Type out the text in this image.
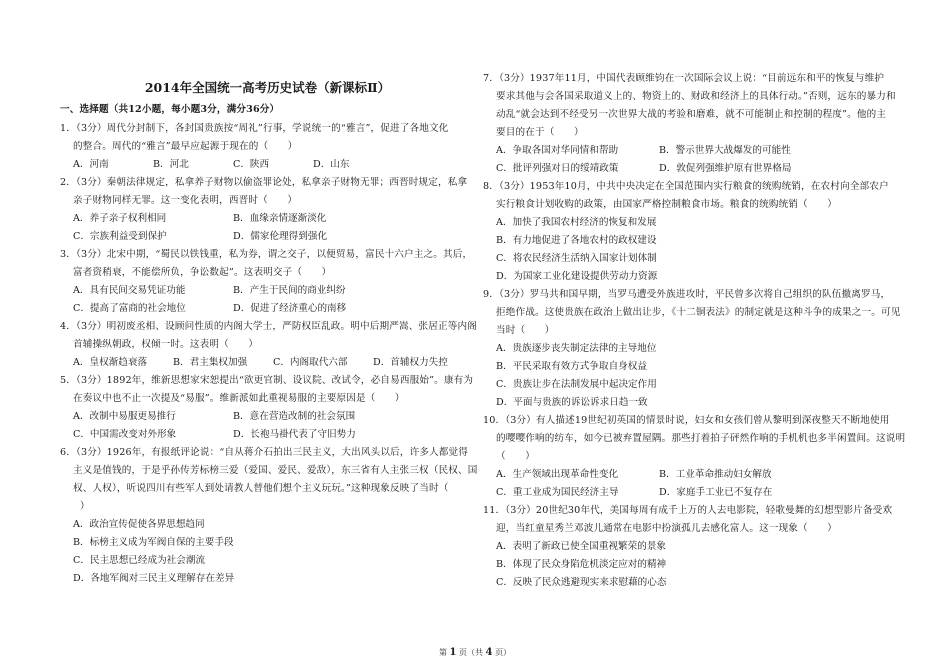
2014年全国统一高考历史试卷（新课标Ⅱ）
一、选择题（共12小题，每小题3分，满分36分）
1．（3分）周代分封制下，各封国贵族按“周礼”行事，学说统一的“雅言”，促进了各地文化
的整合。周代的“雅言”最早应起源于现在的（　　）
A．河南	B．河北	C．陕西	D．山东
2．（3分）秦朝法律规定，私拿养子财物以偷盗罪论处，私拿亲子财物无罪；西晋时规定，私拿
亲子财物同样无罪。这一变化表明，西晋时（　　）
A．养子亲子权利相同	B．血缘亲情逐渐淡化
C．宗族利益受到保护	D．儒家伦理得到强化
3．（3分）北宋中期，“蜀民以铁钱重，私为券，谓之交子，以便贸易，富民十六户主之。其后，
富者资稍衰，不能偿所负，争讼数起”。这表明交子（　　）
A．具有民间交易凭证功能	B．产生于民间的商业纠纷
C．提高了富商的社会地位	D．促进了经济重心的南移
4．（3分）明初废丞相、设顾问性质的内阁大学士，严防权臣乱政。明中后期严嵩、张居正等内阁
首辅操纵朝政，权倾一时。这表明（　　）
A．皇权渐趋衰落	B．君主集权加强	C．内阁取代六部	D．首辅权力失控
5．（3分）1892年，维新思想家宋恕提出“欲更官制、设议院、改试令，必自易西服始”。康有为
在奏议中也不止一次提及“易服”。维新派如此重视易服的主要原因是（　　）
A．改制中易服更易推行	B．意在营造改制的社会氛围
C．中国需改变对外形象	D．长袍马褂代表了守旧势力
6．（3分）1926年，有报纸评论说：“自从蒋介石拍出三民主义，大出风头以后，许多人都觉得
主义是值钱的，于是乎孙传芳标榜三爱（爱国、爱民、爱敌），东三省有人主张三权（民权、国
权、人权），听说四川有些军人到处请教人替他们想个主义玩玩。”这种现象反映了当时（
）
A．政治宣传促使各界思想趋同
B．标榜主义成为军阀自保的主要手段
C．民主思想已经成为社会潮流
D．各地军阀对三民主义理解存在差异
7．（3分）1937年11月，中国代表顾维钧在一次国际会议上说：“目前远东和平的恢复与维护
要求其他与会各国采取道义上的、物资上的、财政和经济上的具体行动。”否则，远东的暴力和
动乱“就会达到不经受另一次世界大战的考验和磨难，就不可能制止和控制的程度”。他的主
要目的在于（　　）
A．争取各国对华同情和帮助	B．警示世界大战爆发的可能性
C．批评列强对日的绥靖政策	D．敦促列强维护原有世界格局
8．（3分）1953年10月，中共中央决定在全国范围内实行粮食的统购统销，在农村向全部农户
实行粮食计划收购的政策，由国家严格控制粮食市场。粮食的统购统销（　　）
A．加快了我国农村经济的恢复和发展
B．有力地促进了各地农村的政权建设
C．将农民经济生活纳入国家计划体制
D．为国家工业化建设提供劳动力资源
9．（3分）罗马共和国早期，当罗马遭受外族进攻时，平民曾多次将自己组织的队伍撤离罗马，
拒绝作战。这使贵族在政治上做出让步，《十二铜表法》的制定就是这种斗争的成果之一。可见
当时（　　）
A．贵族逐步丧失制定法律的主导地位
B．平民采取有效方式争取自身权益
C．贵族让步在法制发展中起决定作用
D．平面与贵族的诉讼诉求日趋一致
10．（3分）有人描述19世纪初英国的情景时说，妇女和女孩们曾从黎明到深夜整天不断地使用
的嘤嘤作响的纺车，如今已被弃置屋隅。那些打着拍子砰然作响的手机机也多半闲置间。这说明
（　　）
A．生产领域出现革命性变化	B．工业革命推动妇女解放
C．重工业成为国民经济主导	D．家庭手工业已不复存在
11．（3分）20世纪30年代，美国每周有成千上万的人去电影院，轻歌曼舞的幻想型影片备受欢
迎，当红童星秀兰邓波儿通常在电影中扮演孤儿去感化富人。这一现象（　　）
A．表明了新政已使全国重视繁荣的景象
B．体现了民众身陷危机淡定应对的精神
C．反映了民众逃避现实来求慰藉的心态
第 1 页（共 4 页）
